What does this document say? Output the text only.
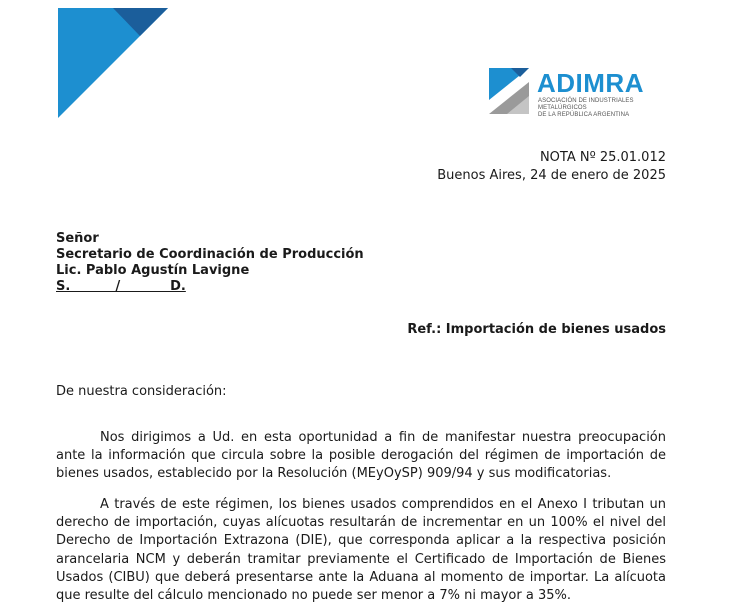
ADIMRA
ASOCIACIÓN DE INDUSTRIALES METALÚRGICOS
DE LA REPÚBLICA ARGENTINA
NOTA Nº 25.01.012
Buenos Aires, 24 de enero de 2025
Señor
Secretario de Coordinación de Producción
Lic. Pablo Agustín Lavigne
S.          /           D.
Ref.: Importación de bienes usados
De nuestra consideración:

Nos dirigimos a Ud. en esta oportunidad a fin de manifestar nuestra preocupación ante la información que circula sobre la posible derogación del régimen de importación de bienes usados, establecido por la Resolución (MEyOySP) 909/94 y sus modificatorias.

A través de este régimen, los bienes usados comprendidos en el Anexo I tributan un derecho de importación, cuyas alícuotas resultarán de incrementar en un 100% el nivel del Derecho de Importación Extrazona (DIE), que corresponda aplicar a la respectiva posición arancelaria NCM y deberán tramitar previamente el Certificado de Importación de Bienes Usados (CIBU) que deberá presentarse ante la Aduana al momento de importar. La alícuota que resulte del cálculo mencionado no puede ser menor a 7% ni mayor a 35%.
